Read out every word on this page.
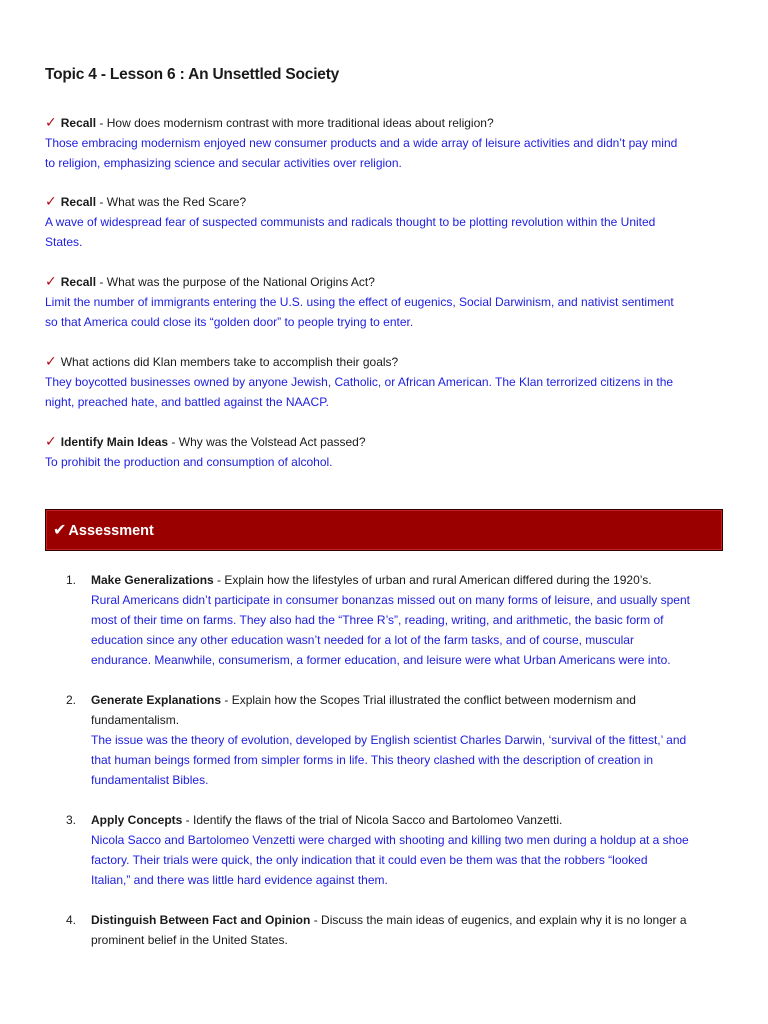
Topic 4 - Lesson 6 : An Unsettled Society
✓ Recall - How does modernism contrast with more traditional ideas about religion?
Those embracing modernism enjoyed new consumer products and a wide array of leisure activities and didn’t pay mind
to religion, emphasizing science and secular activities over religion.
✓ Recall - What was the Red Scare?
A wave of widespread fear of suspected communists and radicals thought to be plotting revolution within the United
States.
✓ Recall - What was the purpose of the National Origins Act?
Limit the number of immigrants entering the U.S. using the effect of eugenics, Social Darwinism, and nativist sentiment
so that America could close its “golden door” to people trying to enter.
✓ What actions did Klan members take to accomplish their goals?
They boycotted businesses owned by anyone Jewish, Catholic, or African American. The Klan terrorized citizens in the
night, preached hate, and battled against the NAACP.
✓ Identify Main Ideas - Why was the Volstead Act passed?
To prohibit the production and consumption of alcohol.
✔ Assessment
1.	Make Generalizations - Explain how the lifestyles of urban and rural American differed during the 1920’s.
Rural Americans didn’t participate in consumer bonanzas missed out on many forms of leisure, and usually spent
most of their time on farms. They also had the “Three R’s”, reading, writing, and arithmetic, the basic form of
education since any other education wasn’t needed for a lot of the farm tasks, and of course, muscular
endurance. Meanwhile, consumerism, a former education, and leisure were what Urban Americans were into.
2.	Generate Explanations - Explain how the Scopes Trial illustrated the conflict between modernism and
fundamentalism.
The issue was the theory of evolution, developed by English scientist Charles Darwin, ‘survival of the fittest,’ and
that human beings formed from simpler forms in life. This theory clashed with the description of creation in
fundamentalist Bibles.
3.	Apply Concepts - Identify the flaws of the trial of Nicola Sacco and Bartolomeo Vanzetti.
Nicola Sacco and Bartolomeo Venzetti were charged with shooting and killing two men during a holdup at a shoe
factory. Their trials were quick, the only indication that it could even be them was that the robbers “looked
Italian,” and there was little hard evidence against them.
4.	Distinguish Between Fact and Opinion - Discuss the main ideas of eugenics, and explain why it is no longer a
prominent belief in the United States.
